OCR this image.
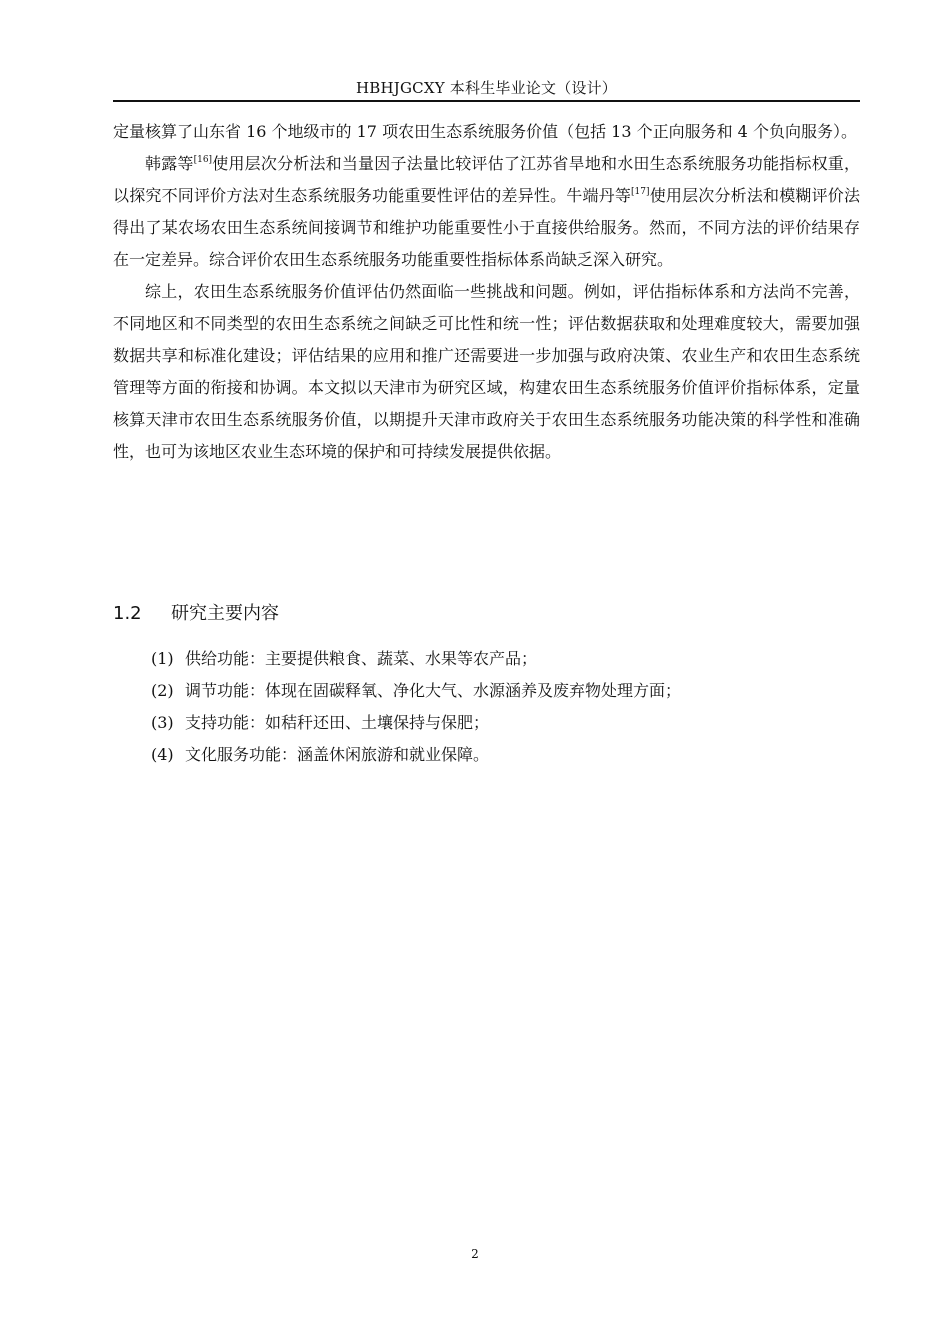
HBHJGCXY 本科生毕业论文（设计）

定量核算了山东省 16 个地级市的 17 项农田生态系统服务价值（包括 13 个正向服务和 4 个负向服务）。

韩露等[16]使用层次分析法和当量因子法量比较评估了江苏省旱地和水田生态系统服务功能指标权重，以探究不同评价方法对生态系统服务功能重要性评估的差异性。牛端丹等[17]使用层次分析法和模糊评价法得出了某农场农田生态系统间接调节和维护功能重要性小于直接供给服务。然而，不同方法的评价结果存在一定差异。综合评价农田生态系统服务功能重要性指标体系尚缺乏深入研究。

综上，农田生态系统服务价值评估仍然面临一些挑战和问题。例如，评估指标体系和方法尚不完善，不同地区和不同类型的农田生态系统之间缺乏可比性和统一性；评估数据获取和处理难度较大，需要加强数据共享和标准化建设；评估结果的应用和推广还需要进一步加强与政府决策、农业生产和农田生态系统管理等方面的衔接和协调。本文拟以天津市为研究区域，构建农田生态系统服务价值评价指标体系，定量核算天津市农田生态系统服务价值，以期提升天津市政府关于农田生态系统服务功能决策的科学性和准确性，也可为该地区农业生态环境的保护和可持续发展提供依据。

1.2 研究主要内容
(1) 供给功能：主要提供粮食、蔬菜、水果等农产品；
(2) 调节功能：体现在固碳释氧、净化大气、水源涵养及废弃物处理方面；
(3) 支持功能：如秸秆还田、土壤保持与保肥；
(4) 文化服务功能：涵盖休闲旅游和就业保障。
2
